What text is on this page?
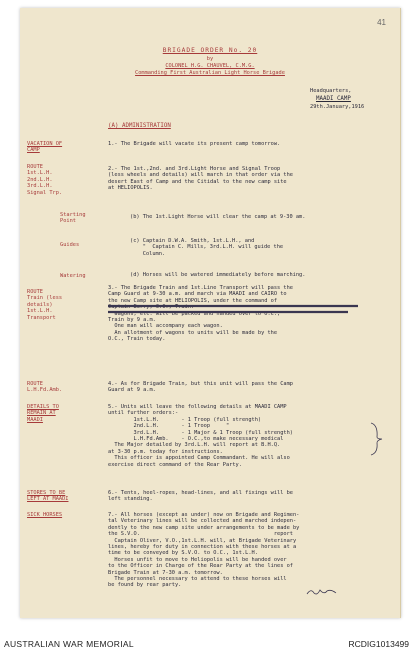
41
BRIGADE ORDER No. 20
by
COLONEL H.G. CHAUVEL, C.M.G.
Commanding First Australian Light Horse Brigade
Headquarters,
MAADI CAMP
29th.January,1916
(A) ADMINISTRATION
VACATION OF
CAMP
1.- The Brigade will vacate its present camp tomorrow.
ROUTE
1st.L.H.
2nd.L.H.
3rd.L.H.
Signal Trp.
2.- The 1st.,2nd. and 3rd.Light Horse and Signal Troop
(less wheels and details) will march in that order via the
desert East of Camp and the Citidal to the new camp site
at HELIOPOLIS.
Starting
Point
(b) The 1st.Light Horse will clear the camp at 9-30 am.
Guides
(c) Captain D.W.A. Smith, 1st.L.H., and
"  Captain C. Mills, 3rd.L.H. will guide the
Column.
Watering	(d) Horses will be watered immediately before marching.
ROUTE
Train (less
details)
1st.L.H.
Transport
3.- The Brigade Train and 1st.Line Transport will pass the
Camp Guard at 9-30 a.m. and march via MAADI and CAIRO to
the new Camp site at HELIOPOLIS, under the command of
Captain Berry, O.C., Train.
Wagons, etc. will be packed and handed over to O.C.,
Train by 9 a.m.
One man will accompany each wagon.
An allotment of wagons to units will be made by the
O.C., Train today.
ROUTE
L.H.Fd.Amb.
4.- As for Brigade Train, but this unit will pass the Camp
Guard at 9 a.m.
DETAILS TO
REMAIN AT
MAADI
5.- Units will leave the following details at MAADI CAMP
until further orders:-
1st.L.H.       - 1 Troop (full strength)
2nd.L.H.       - 1 Troop     "
3rd.L.H.       - 1 Major & 1 Troop (full strength)
L.H.Fd.Amb.    - O.C.,to make necessary medical
The Major detailed by 3rd.L.H. will report at B.H.Q.
at 3-30 p.m. today for instructions.
This officer is appointed Camp Commandant. He will also
exercise direct command of the Rear Party.
STORES TO BE
LEFT AT MAADI
6.- Tents, heel-ropes, head-lines, and all fixings will be
left standing.
SICK HORSES	7.- All horses (except as under) now on Brigade and Regimen-
tal Veterinary lines will be collected and marched indepen-
dently to the new camp site under arrangements to be made by
the S.V.O.                                          report
Captain Oliver, V.O.,1st.L.H. will, at Brigade Veterinary
lines, hereby for duty in connection with these horses at a
time to be conveyed by S.V.O. to O.C., 1st.L.H.
Horses unfit to move to Heliopolis will be handed over
to the Officer in Charge of the Rear Party at the lines of
Brigade Train at 7-30 a.m. tomorrow.
The personnel necessary to attend to these horses will
be found by rear party.
AUSTRALIAN WAR MEMORIAL	RCDIG1013499
